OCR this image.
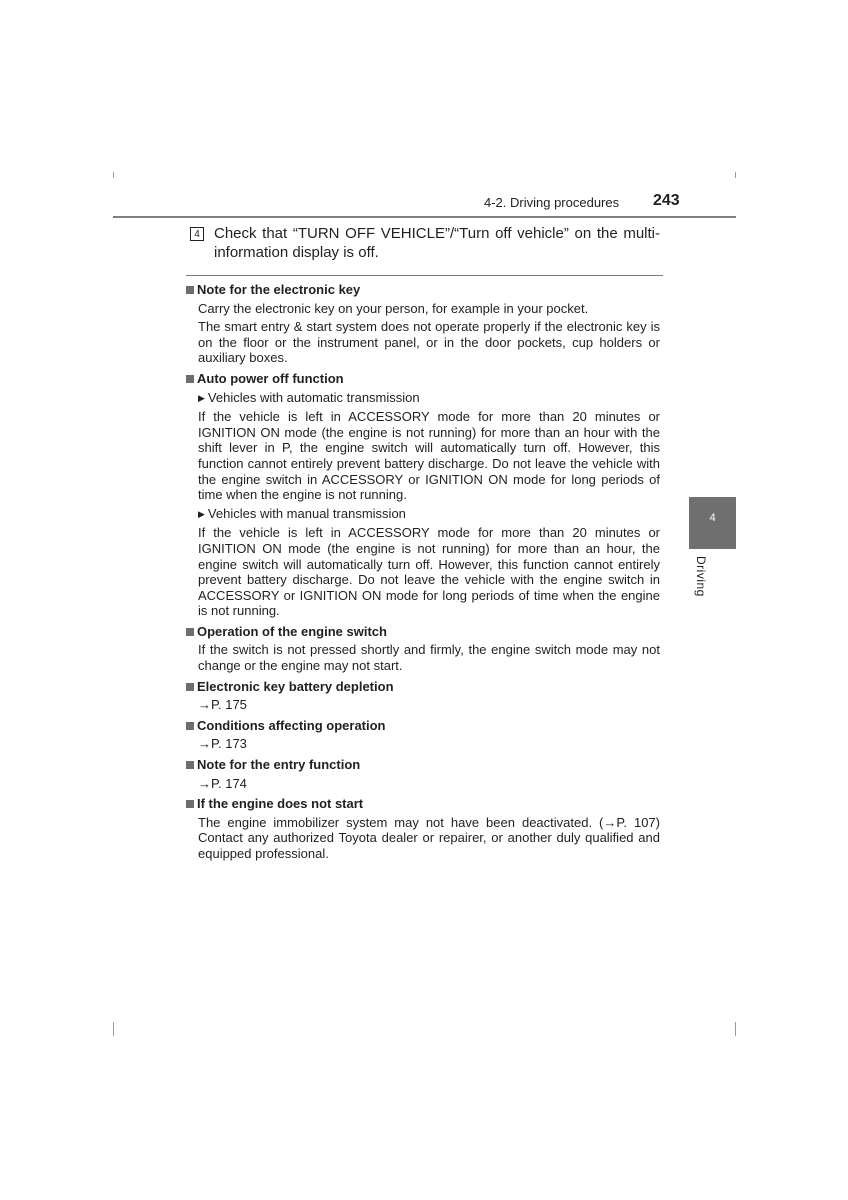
4-2. Driving procedures 243
4 Check that “TURN OFF VEHICLE”/“Turn off vehicle” on the multi-information display is off.

Note for the electronic key

Carry the electronic key on your person, for example in your pocket.

The smart entry & start system does not operate properly if the electronic key is on the floor or the instrument panel, or in the door pockets, cup holders or auxiliary boxes.

Auto power off function

▶ Vehicles with automatic transmission

If the vehicle is left in ACCESSORY mode for more than 20 minutes or IGNITION ON mode (the engine is not running) for more than an hour with the shift lever in P, the engine switch will automatically turn off. However, this function cannot entirely prevent battery discharge. Do not leave the vehicle with the engine switch in ACCESSORY or IGNITION ON mode for long periods of time when the engine is not running.

▶ Vehicles with manual transmission

If the vehicle is left in ACCESSORY mode for more than 20 minutes or IGNITION ON mode (the engine is not running) for more than an hour, the engine switch will automatically turn off. However, this function cannot entirely prevent battery discharge. Do not leave the vehicle with the engine switch in ACCESSORY or IGNITION ON mode for long periods of time when the engine is not running.

Operation of the engine switch

If the switch is not pressed shortly and firmly, the engine switch mode may not change or the engine may not start.

Electronic key battery depletion

→P. 175

Conditions affecting operation

→P. 173

Note for the entry function

→P. 174

If the engine does not start

The engine immobilizer system may not have been deactivated. (→P. 107) Contact any authorized Toyota dealer or repairer, or another duly qualified and equipped professional.

4
Driving
